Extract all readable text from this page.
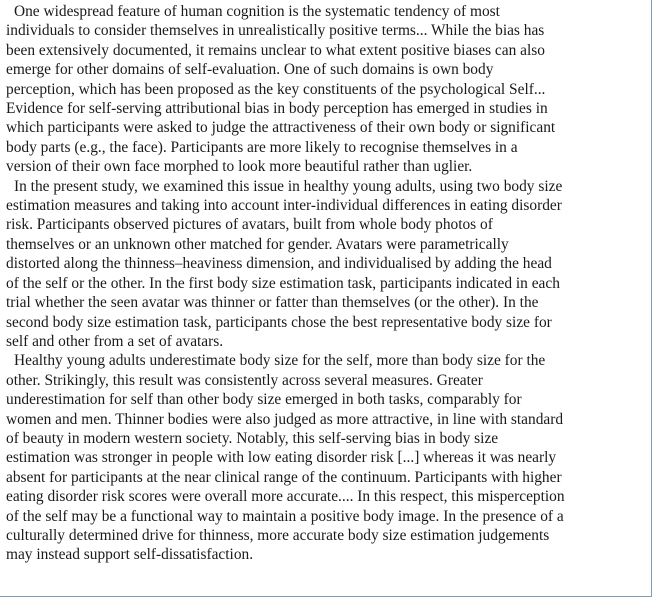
One widespread feature of human cognition is the systematic tendency of most
individuals to consider themselves in unrealistically positive terms... While the bias has
been extensively documented, it remains unclear to what extent positive biases can also
emerge for other domains of self-evaluation. One of such domains is own body
perception, which has been proposed as the key constituents of the psychological Self...
Evidence for self-serving attributional bias in body perception has emerged in studies in
which participants were asked to judge the attractiveness of their own body or significant
body parts (e.g., the face). Participants are more likely to recognise themselves in a
version of their own face morphed to look more beautiful rather than uglier.

In the present study, we examined this issue in healthy young adults, using two body size
estimation measures and taking into account inter-individual differences in eating disorder
risk. Participants observed pictures of avatars, built from whole body photos of
themselves or an unknown other matched for gender. Avatars were parametrically
distorted along the thinness–heaviness dimension, and individualised by adding the head
of the self or the other. In the first body size estimation task, participants indicated in each
trial whether the seen avatar was thinner or fatter than themselves (or the other). In the
second body size estimation task, participants chose the best representative body size for
self and other from a set of avatars.

Healthy young adults underestimate body size for the self, more than body size for the
other. Strikingly, this result was consistently across several measures. Greater
underestimation for self than other body size emerged in both tasks, comparably for
women and men. Thinner bodies were also judged as more attractive, in line with standard
of beauty in modern western society. Notably, this self-serving bias in body size
estimation was stronger in people with low eating disorder risk [...] whereas it was nearly
absent for participants at the near clinical range of the continuum. Participants with higher
eating disorder risk scores were overall more accurate.... In this respect, this misperception
of the self may be a functional way to maintain a positive body image. In the presence of a
culturally determined drive for thinness, more accurate body size estimation judgements
may instead support self-dissatisfaction.
